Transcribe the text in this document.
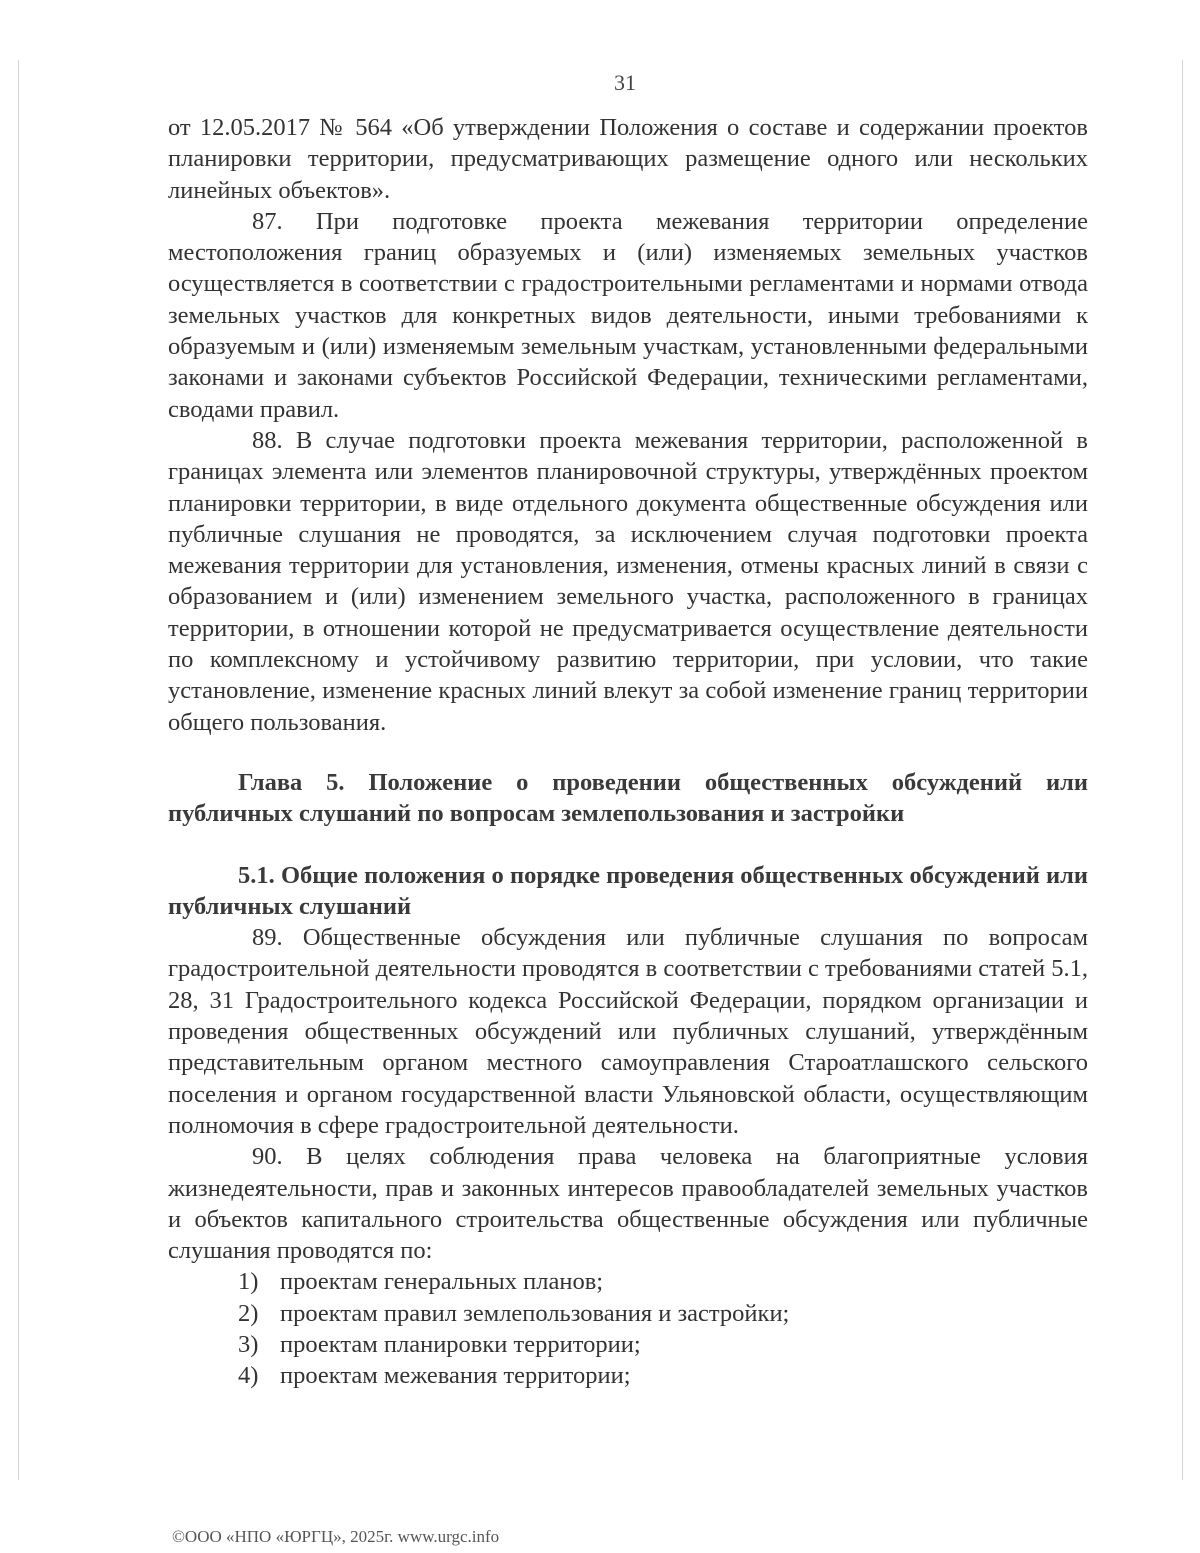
31

от 12.05.2017 № 564 «Об утверждении Положения о составе и содержании проектов планировки территории, предусматривающих размещение одного или нескольких линейных объектов».

87. При подготовке проекта межевания территории определение местоположения границ образуемых и (или) изменяемых земельных участков осуществляется в соответствии с градостроительными регламентами и нормами отвода земельных участков для конкретных видов деятельности, иными требованиями к образуемым и (или) изменяемым земельным участкам, установленными федеральными законами и законами субъектов Российской Федерации, техническими регламентами, сводами правил.

88. В случае подготовки проекта межевания территории, расположенной в границах элемента или элементов планировочной структуры, утверждённых проектом планировки территории, в виде отдельного документа общественные обсуждения или публичные слушания не проводятся, за исключением случая подготовки проекта межевания территории для установления, изменения, отмены красных линий в связи с образованием и (или) изменением земельного участка, расположенного в границах территории, в отношении которой не предусматривается осуществление деятельности по комплексному и устойчивому развитию территории, при условии, что такие установление, изменение красных линий влекут за собой изменение границ территории общего пользования.

Глава 5. Положение о проведении общественных обсуждений или публичных слушаний по вопросам землепользования и застройки

5.1. Общие положения о порядке проведения общественных обсуждений или публичных слушаний

89. Общественные обсуждения или публичные слушания по вопросам градостроительной деятельности проводятся в соответствии с требованиями статей 5.1, 28, 31 Градостроительного кодекса Российской Федерации, порядком организации и проведения общественных обсуждений или публичных слушаний, утверждённым представительным органом местного самоуправления Староатлашского сельского поселения и органом государственной власти Ульяновской области, осуществляющим полномочия в сфере градостроительной деятельности.

90. В целях соблюдения права человека на благоприятные условия жизнедеятельности, прав и законных интересов правообладателей земельных участков и объектов капитального строительства общественные обсуждения или публичные слушания проводятся по:

1) проектам генеральных планов;
2) проектам правил землепользования и застройки;
3) проектам планировки территории;
4) проектам межевания территории;
©ООО «НПО «ЮРГЦ», 2025г. www.urgc.info
